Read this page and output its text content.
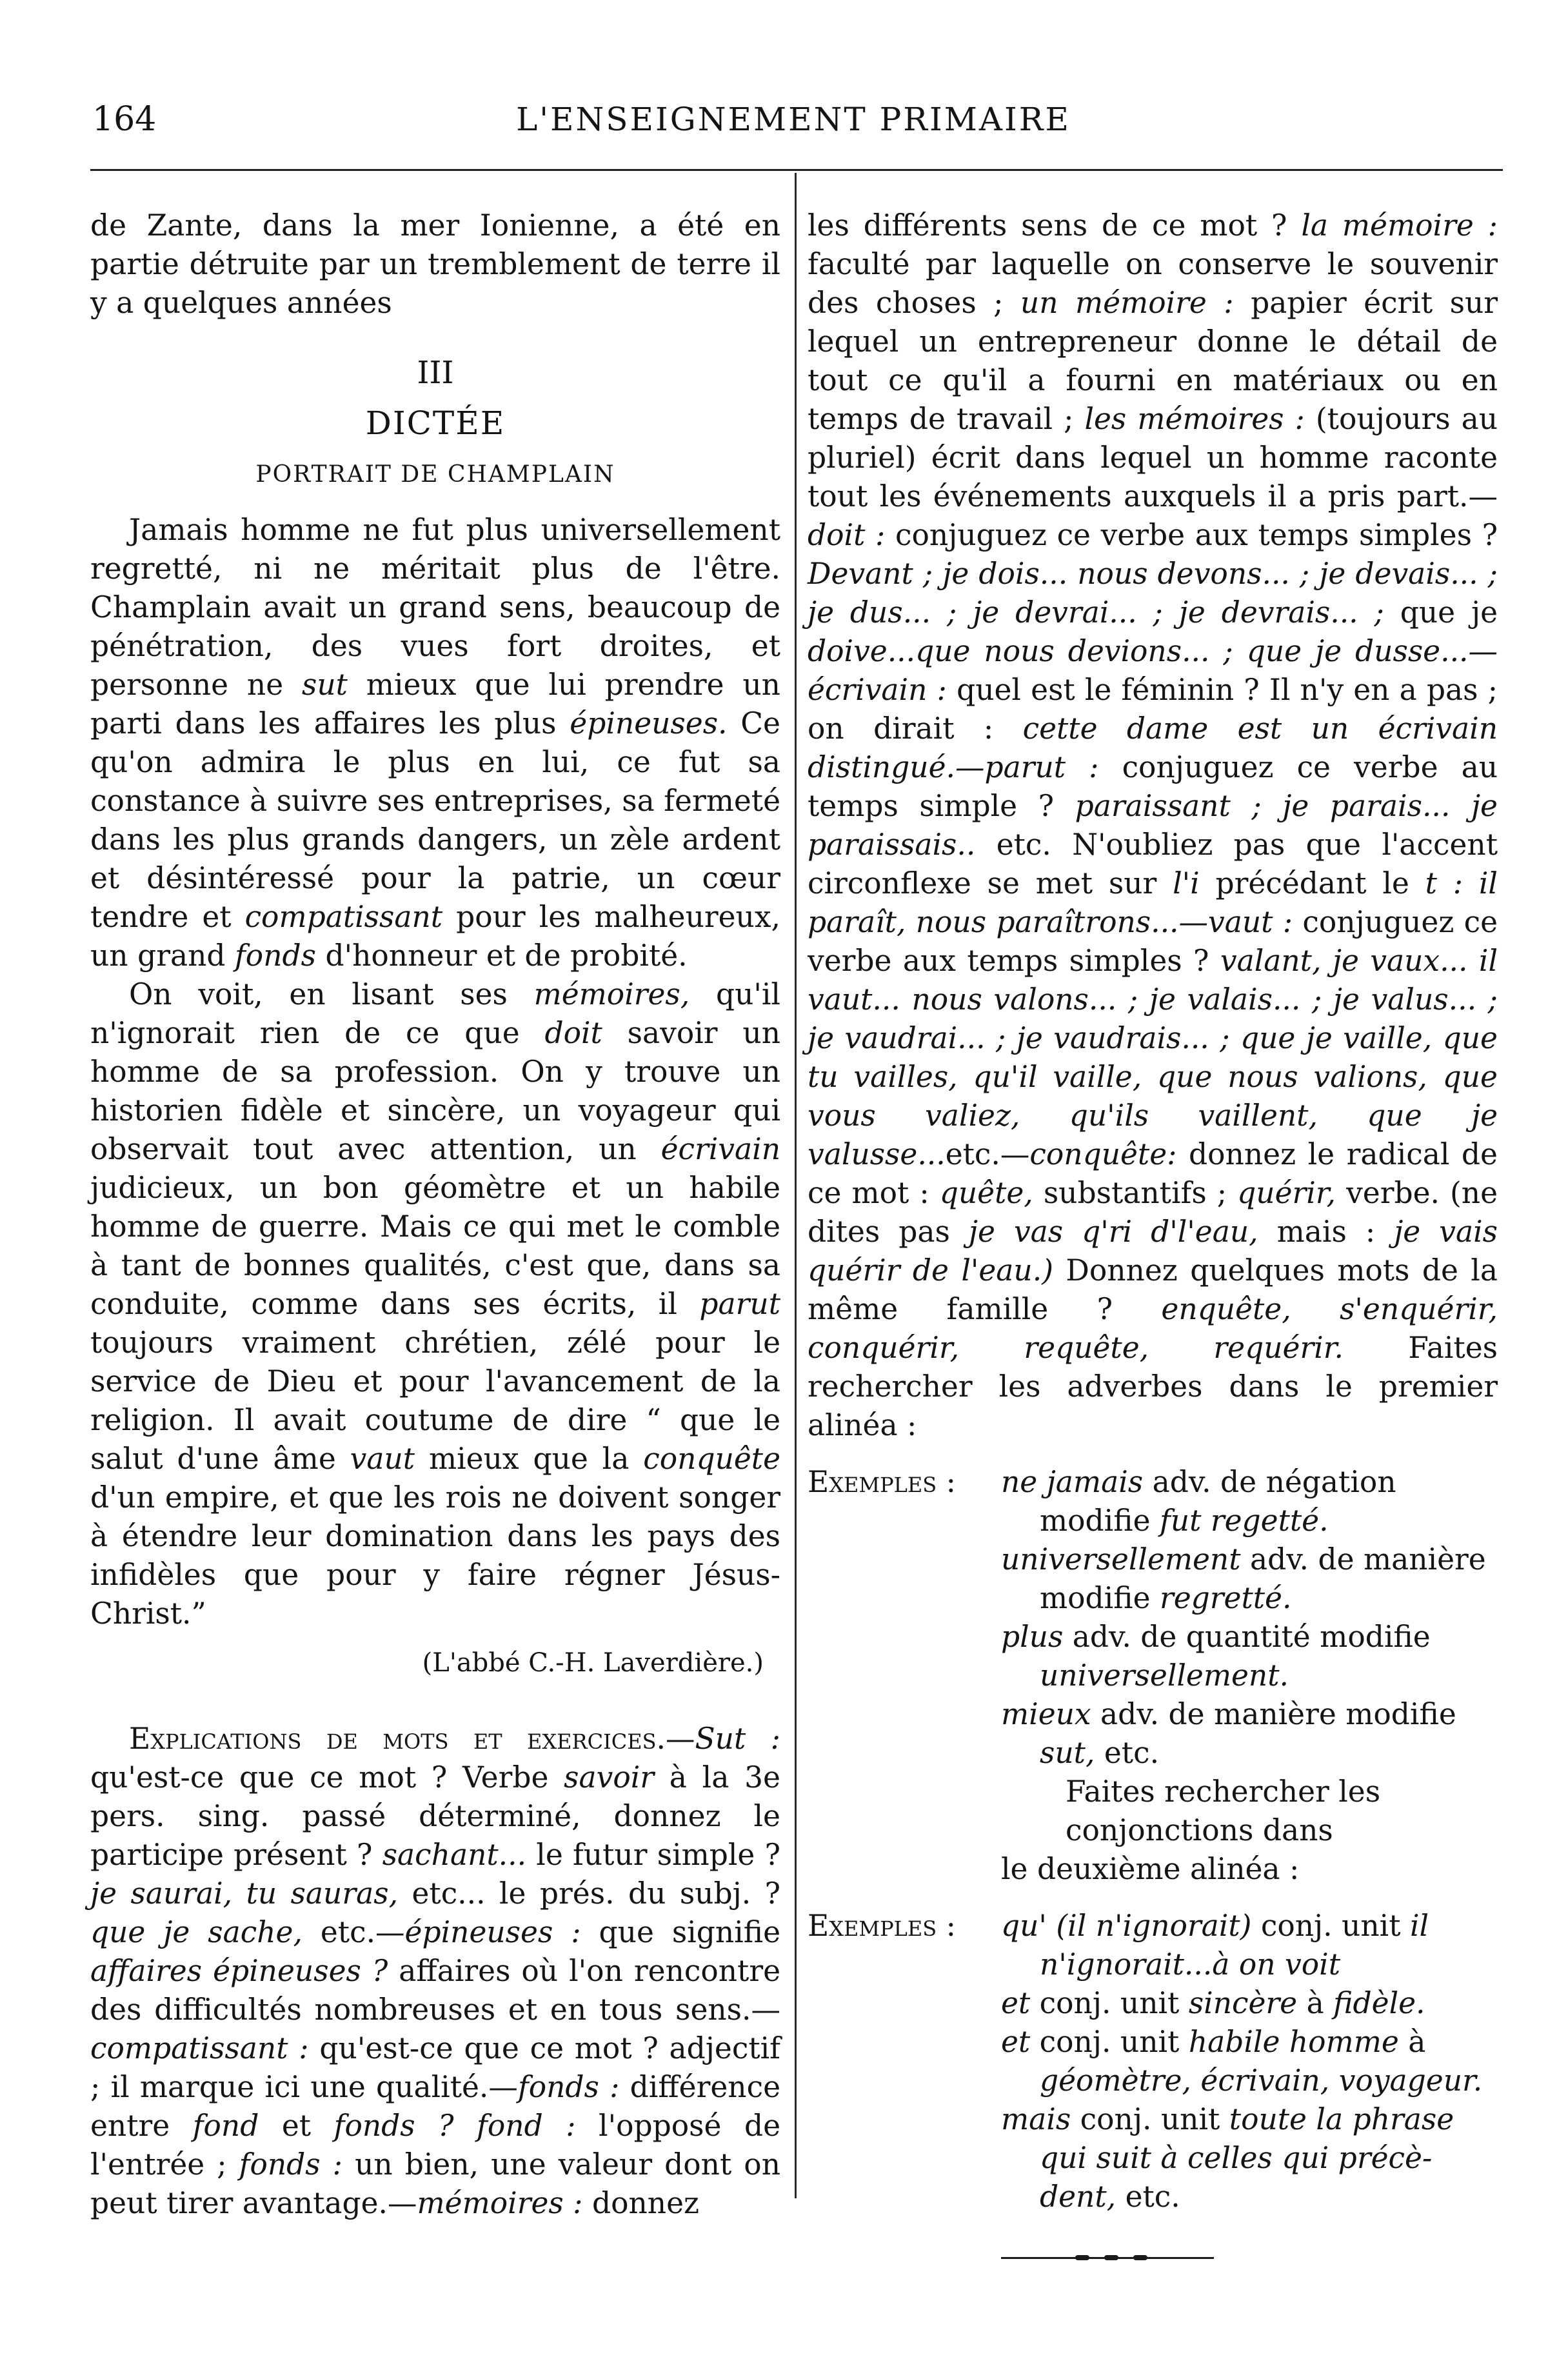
164	L'ENSEIGNEMENT PRIMAIRE

de Zante, dans la mer Ionienne, a été en partie détruite par un tremblement de terre il y a quelques années

III
DICTÉE
PORTRAIT DE CHAMPLAIN

Jamais homme ne fut plus universellement regretté, ni ne méritait plus de l'être. Champlain avait un grand sens, beaucoup de pénétration, des vues fort droites, et personne ne sut mieux que lui prendre un parti dans les affaires les plus épineuses. Ce qu'on admira le plus en lui, ce fut sa constance à suivre ses entreprises, sa fermeté dans les plus grands dangers, un zèle ardent et désintéressé pour la patrie, un cœur tendre et compatissant pour les malheureux, un grand fonds d'honneur et de probité.

On voit, en lisant ses mémoires, qu'il n'ignorait rien de ce que doit savoir un homme de sa profession. On y trouve un historien fidèle et sincère, un voyageur qui observait tout avec attention, un écrivain judicieux, un bon géomètre et un habile homme de guerre. Mais ce qui met le comble à tant de bonnes qualités, c'est que, dans sa conduite, comme dans ses écrits, il parut toujours vraiment chrétien, zélé pour le service de Dieu et pour l'avancement de la religion. Il avait coutume de dire “ que le salut d'une âme vaut mieux que la conquête d'un empire, et que les rois ne doivent songer à étendre leur domination dans les pays des infidèles que pour y faire régner Jésus-Christ.”

(L'abbé C.-H. Laverdière.)

Explications de mots et exercices.—Sut : qu'est-ce que ce mot ? Verbe savoir à la 3e pers. sing. passé déterminé, donnez le participe présent ? sachant... le futur simple ? je saurai, tu sauras, etc... le prés. du subj. ? que je sache, etc.—épineuses : que signifie affaires épineuses ? affaires où l'on rencontre des difficultés nombreuses et en tous sens.—compatissant : qu'est-ce que ce mot ? adjectif ; il marque ici une qualité.—fonds : différence entre fond et fonds ? fond : l'opposé de l'entrée ; fonds : un bien, une valeur dont on peut tirer avantage.—mémoires : donnez

les différents sens de ce mot ? la mémoire : faculté par laquelle on conserve le souvenir des choses ; un mémoire : papier écrit sur lequel un entrepreneur donne le détail de tout ce qu'il a fourni en matériaux ou en temps de travail ; les mémoires : (toujours au pluriel) écrit dans lequel un homme raconte tout les événements auxquels il a pris part.—doit : conjuguez ce verbe aux temps simples ? Devant ; je dois... nous devons... ; je devais... ; je dus... ; je devrai... ; je devrais... ; que je doive...que nous devions... ; que je dusse...—écrivain : quel est le féminin ? Il n'y en a pas ; on dirait : cette dame est un écrivain distingué.—parut : conjuguez ce verbe au temps simple ? paraissant ; je parais... je paraissais.. etc. N'oubliez pas que l'accent circonflexe se met sur l'i précédant le t : il paraît, nous paraîtrons...—vaut : conjuguez ce verbe aux temps simples ? valant, je vaux... il vaut... nous valons... ; je valais... ; je valus... ; je vaudrai... ; je vaudrais... ; que je vaille, que tu vailles, qu'il vaille, que nous valions, que vous valiez, qu'ils vaillent, que je valusse...etc.—conquête: donnez le radical de ce mot : quête, substantifs ; quérir, verbe. (ne dites pas je vas q'ri d'l'eau, mais : je vais quérir de l'eau.) Donnez quelques mots de la même famille ? enquête, s'enquérir, conquérir, requête, requérir. Faites rechercher les adverbes dans le premier alinéa :

Exemples : ne jamais adv. de négation
modifie fut regetté.
universellement adv. de manière
modifie regretté.
plus adv. de quantité modifie
universellement.
mieux adv. de manière modifie
sut, etc.
Faites rechercher les conjonctions dans
le deuxième alinéa :
Exemples : qu' (il n'ignorait) conj. unit il
n'ignorait...à on voit
et conj. unit sincère à fidèle.
et conj. unit habile homme à
géomètre, écrivain, voyageur.
mais conj. unit toute la phrase
qui suit à celles qui précè-
dent, etc.
